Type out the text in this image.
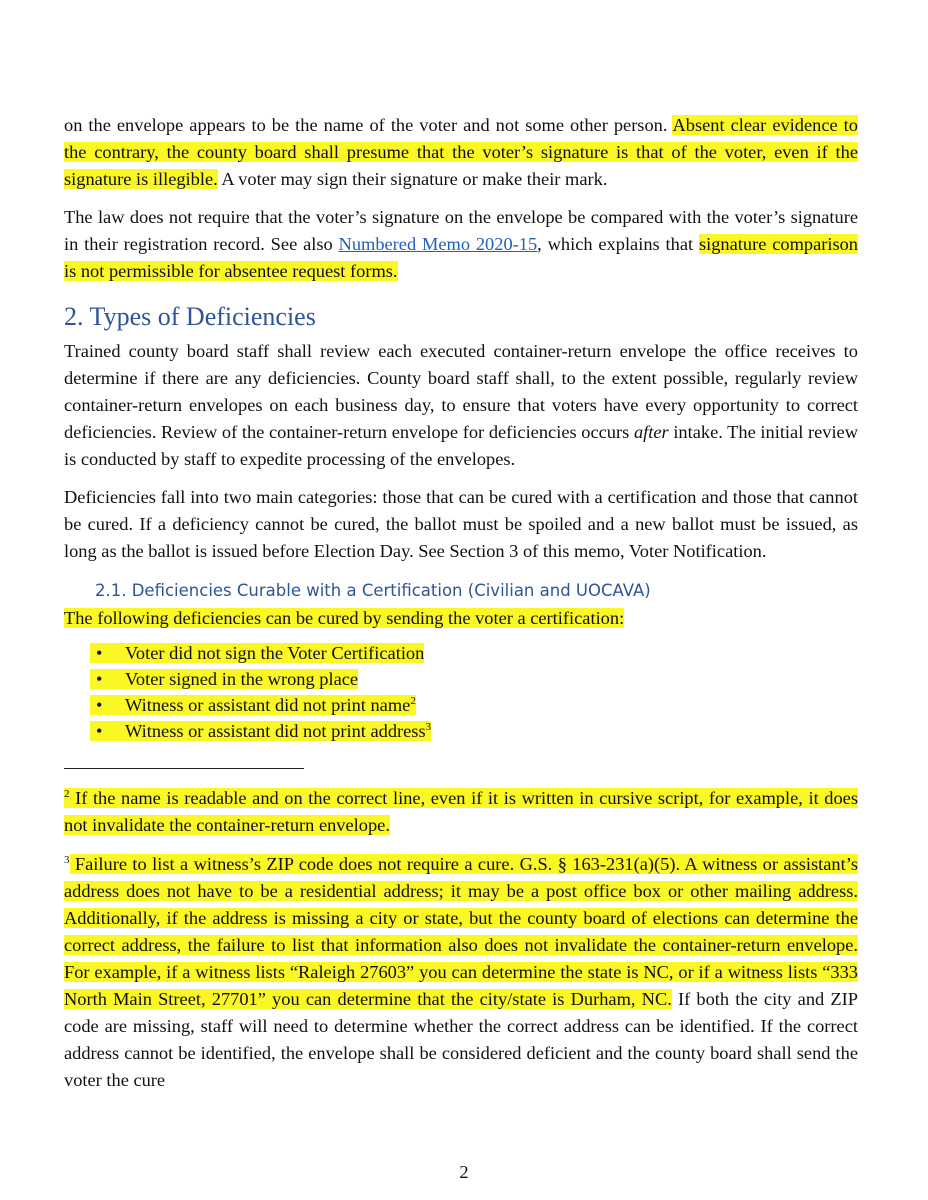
on the envelope appears to be the name of the voter and not some other person. Absent clear evidence to the contrary, the county board shall presume that the voter’s signature is that of the voter, even if the signature is illegible. A voter may sign their signature or make their mark.

The law does not require that the voter’s signature on the envelope be compared with the voter’s signature in their registration record. See also Numbered Memo 2020-15, which explains that signature comparison is not permissible for absentee request forms.

2. Types of Deficiencies

Trained county board staff shall review each executed container-return envelope the office receives to determine if there are any deficiencies. County board staff shall, to the extent possible, regularly review container-return envelopes on each business day, to ensure that voters have every opportunity to correct deficiencies. Review of the container-return envelope for deficiencies occurs after intake. The initial review is conducted by staff to expedite processing of the envelopes.

Deficiencies fall into two main categories: those that can be cured with a certification and those that cannot be cured. If a deficiency cannot be cured, the ballot must be spoiled and a new ballot must be issued, as long as the ballot is issued before Election Day. See Section 3 of this memo, Voter Notification.

2.1. Deficiencies Curable with a Certification (Civilian and UOCAVA)

The following deficiencies can be cured by sending the voter a certification:

• Voter did not sign the Voter Certification
• Voter signed in the wrong place
• Witness or assistant did not print name$^2$
• Witness or assistant did not print address$^3$

$^2$ If the name is readable and on the correct line, even if it is written in cursive script, for example, it does not invalidate the container-return envelope.

$^3$ Failure to list a witness’s ZIP code does not require a cure. G.S. § 163-231(a)(5). A witness or assistant’s address does not have to be a residential address; it may be a post office box or other mailing address. Additionally, if the address is missing a city or state, but the county board of elections can determine the correct address, the failure to list that information also does not invalidate the container-return envelope. For example, if a witness lists “Raleigh 27603” you can determine the state is NC, or if a witness lists “333 North Main Street, 27701” you can determine that the city/state is Durham, NC. If both the city and ZIP code are missing, staff will need to determine whether the correct address can be identified. If the correct address cannot be identified, the envelope shall be considered deficient and the county board shall send the voter the cure

2
